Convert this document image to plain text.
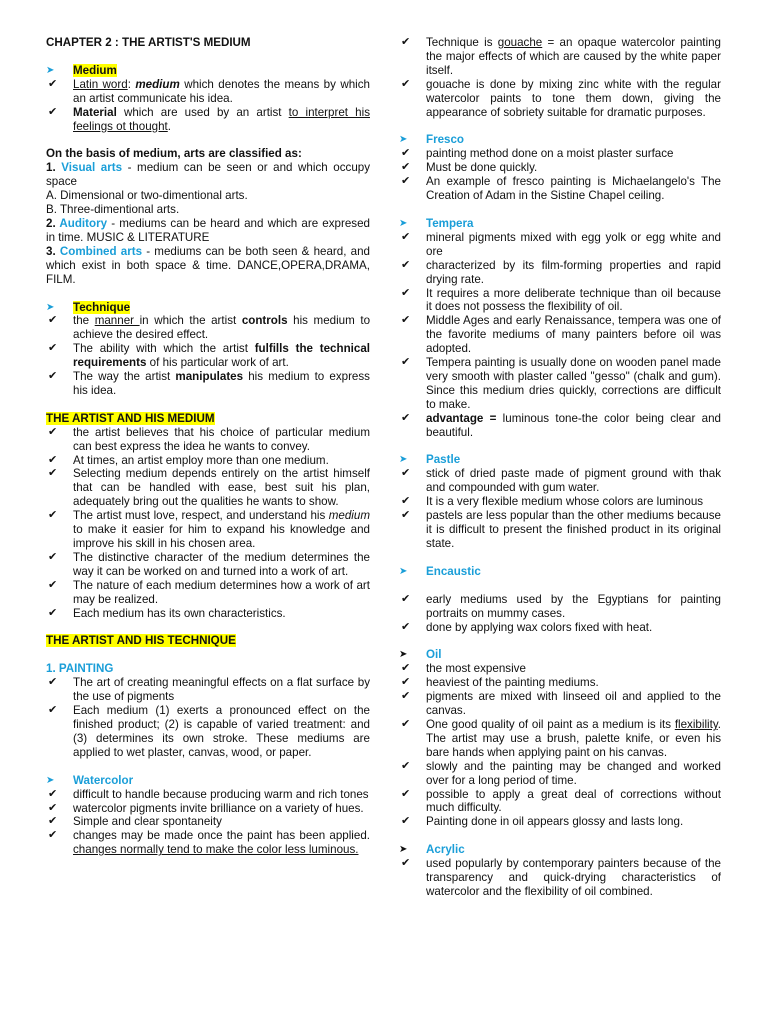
CHAPTER 2 : THE ARTIST'S MEDIUM
➤ Medium
✔ Latin word: medium which denotes the means by which an artist communicate his idea.
✔ Material which are used by an artist to interpret his feelings ot thought.
On the basis of medium, arts are classified as:
1. Visual arts - medium can be seen or and which occupy space
A. Dimensional or two-dimentional arts.
B. Three-dimentional arts.
2. Auditory - mediums can be heard and which are expresed in time. MUSIC & LITERATURE
3. Combined arts - mediums can be both seen & heard, and which exist in both space & time. DANCE,OPERA,DRAMA, FILM.
➤ Technique
✔ the manner in which the artist controls his medium to achieve the desired effect.
✔ The ability with which the artist fulfills the technical requirements of his particular work of art.
✔ The way the artist manipulates his medium to express his idea.
THE ARTIST AND HIS MEDIUM
✔ the artist believes that his choice of particular medium can best express the idea he wants to convey.
✔ At times, an artist employ more than one medium.
✔ Selecting medium depends entirely on the artist himself that can be handled with ease, best suit his plan, adequately bring out the qualities he wants to show.
✔ The artist must love, respect, and understand his medium to make it easier for him to expand his knowledge and improve his skill in his chosen area.
✔ The distinctive character of the medium determines the way it can be worked on and turned into a work of art.
✔ The nature of each medium determines how a work of art may be realized.
✔ Each medium has its own characteristics.
THE ARTIST AND HIS TECHNIQUE
1. PAINTING
✔ The art of creating meaningful effects on a flat surface by the use of pigments
✔ Each medium (1) exerts a pronounced effect on the finished product; (2) is capable of varied treatment: and (3) determines its own stroke. These mediums are applied to wet plaster, canvas, wood, or paper.
➤ Watercolor
✔ difficult to handle because producing warm and rich tones
✔ watercolor pigments invite brilliance on a variety of hues.
✔ Simple and clear spontaneity
✔ changes may be made once the paint has been applied. changes normally tend to make the color less luminous.
✔ Technique is gouache = an opaque watercolor painting the major effects of which are caused by the white paper itself.
✔ gouache is done by mixing zinc white with the regular watercolor paints to tone them down, giving the appearance of sobriety suitable for dramatic purposes.
➤ Fresco
✔ painting method done on a moist plaster surface
✔ Must be done quickly.
✔ An example of fresco painting is Michaelangelo's The Creation of Adam in the Sistine Chapel ceiling.
➤ Tempera
✔ mineral pigments mixed with egg yolk or egg white and ore
✔ characterized by its film-forming properties and rapid drying rate.
✔ It requires a more deliberate technique than oil because it does not possess the flexibility of oil.
✔ Middle Ages and early Renaissance, tempera was one of the favorite mediums of many painters before oil was adopted.
✔ Tempera painting is usually done on wooden panel made very smooth with plaster called "gesso" (chalk and gum). Since this medium dries quickly, corrections are difficult to make.
✔ advantage = luminous tone-the color being clear and beautiful.
➤ Pastle
✔ stick of dried paste made of pigment ground with thak and compounded with gum water.
✔ It is a very flexible medium whose colors are luminous
✔ pastels are less popular than the other mediums because it is difficult to present the finished product in its original state.
➤ Encaustic
✔ early mediums used by the Egyptians for painting portraits on mummy cases.
✔ done by applying wax colors fixed with heat.
➤ Oil
✔ the most expensive
✔ heaviest of the painting mediums.
✔ pigments are mixed with linseed oil and applied to the canvas.
✔ One good quality of oil paint as a medium is its flexibility. The artist may use a brush, palette knife, or even his bare hands when applying paint on his canvas.
✔ slowly and the painting may be changed and worked over for a long period of time.
✔ possible to apply a great deal of corrections without much difficulty.
✔ Painting done in oil appears glossy and lasts long.
➤ Acrylic
✔ used popularly by contemporary painters because of the transparency and quick-drying characteristics of watercolor and the flexibility of oil combined.
